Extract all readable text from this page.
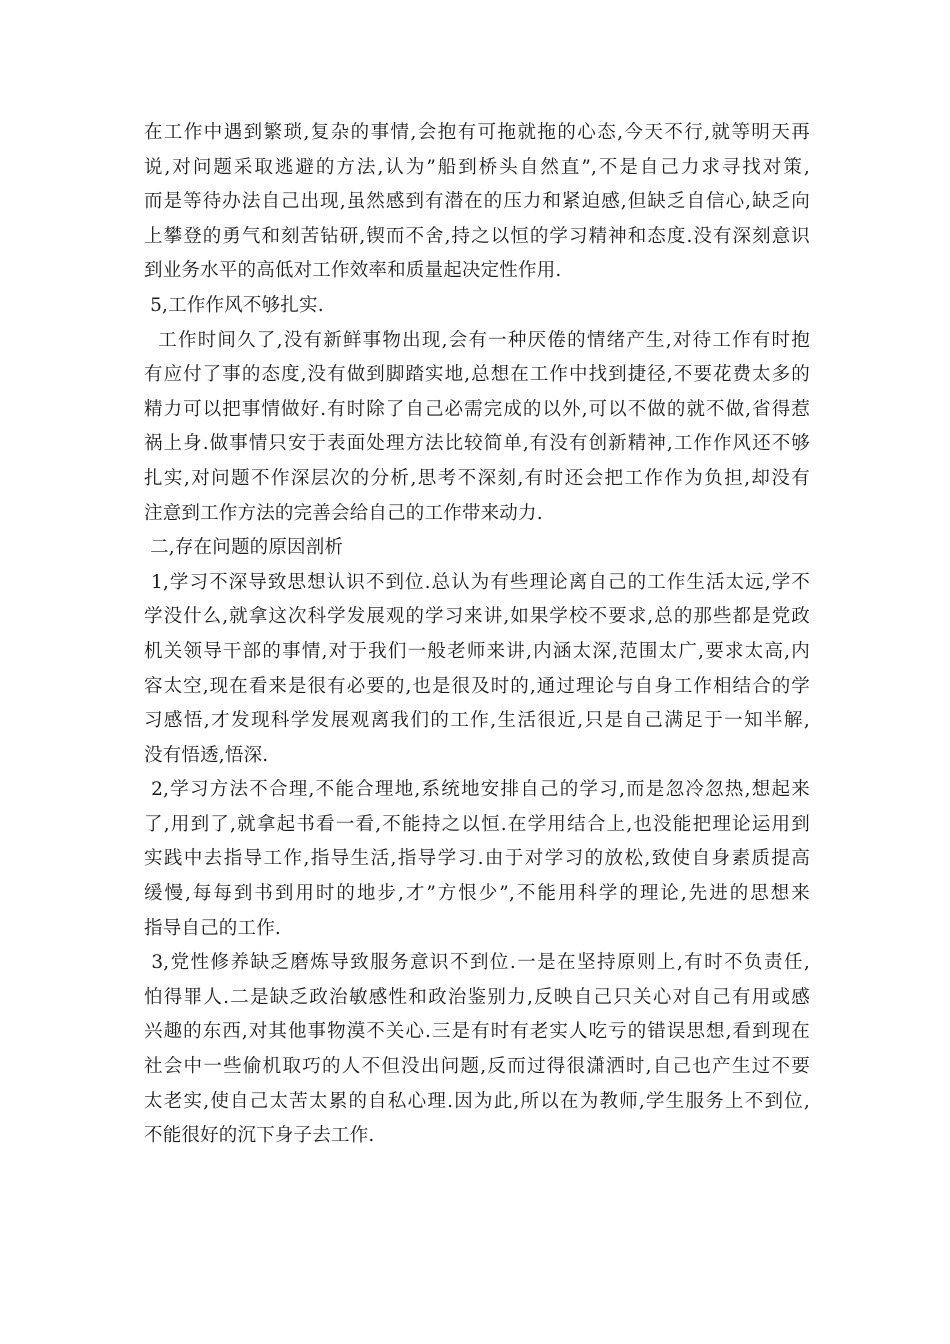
在工作中遇到繁琐,复杂的事情,会抱有可拖就拖的心态,今天不行,就等明天再
说,对问题采取逃避的方法,认为”船到桥头自然直”,不是自己力求寻找对策,
而是等待办法自己出现,虽然感到有潜在的压力和紧迫感,但缺乏自信心,缺乏向
上攀登的勇气和刻苦钻研,锲而不舍,持之以恒的学习精神和态度.没有深刻意识
到业务水平的高低对工作效率和质量起决定性作用.
5,工作作风不够扎实.
工作时间久了,没有新鲜事物出现,会有一种厌倦的情绪产生,对待工作有时抱
有应付了事的态度,没有做到脚踏实地,总想在工作中找到捷径,不要花费太多的
精力可以把事情做好.有时除了自己必需完成的以外,可以不做的就不做,省得惹
祸上身.做事情只安于表面处理方法比较简单,有没有创新精神,工作作风还不够
扎实,对问题不作深层次的分析,思考不深刻,有时还会把工作作为负担,却没有
注意到工作方法的完善会给自己的工作带来动力.
二,存在问题的原因剖析
1,学习不深导致思想认识不到位.总认为有些理论离自己的工作生活太远,学不
学没什么,就拿这次科学发展观的学习来讲,如果学校不要求,总的那些都是党政
机关领导干部的事情,对于我们一般老师来讲,内涵太深,范围太广,要求太高,内
容太空,现在看来是很有必要的,也是很及时的,通过理论与自身工作相结合的学
习感悟,才发现科学发展观离我们的工作,生活很近,只是自己满足于一知半解,
没有悟透,悟深.
2,学习方法不合理,不能合理地,系统地安排自己的学习,而是忽冷忽热,想起来
了,用到了,就拿起书看一看,不能持之以恒.在学用结合上,也没能把理论运用到
实践中去指导工作,指导生活,指导学习.由于对学习的放松,致使自身素质提高
缓慢,每每到书到用时的地步,才”方恨少”,不能用科学的理论,先进的思想来
指导自己的工作.
3,党性修养缺乏磨炼导致服务意识不到位.一是在坚持原则上,有时不负责任,
怕得罪人.二是缺乏政治敏感性和政治鉴别力,反映自己只关心对自己有用或感
兴趣的东西,对其他事物漠不关心.三是有时有老实人吃亏的错误思想,看到现在
社会中一些偷机取巧的人不但没出问题,反而过得很潇洒时,自己也产生过不要
太老实,使自己太苦太累的自私心理.因为此,所以在为教师,学生服务上不到位,
不能很好的沉下身子去工作.
